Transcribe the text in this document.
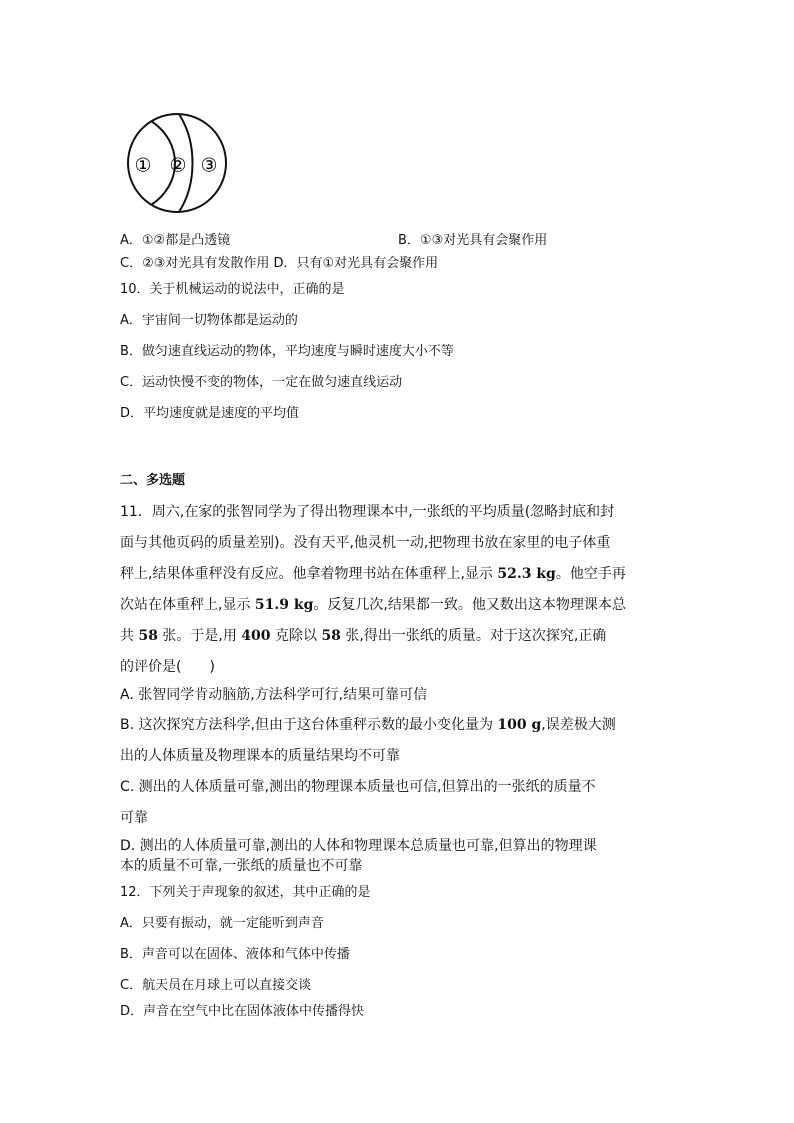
① ② ③
A．①②都是凸透镜	B．①③对光具有会聚作用
C．②③对光具有发散作用 D．只有①对光具有会聚作用
10．关于机械运动的说法中，正确的是
A．宇宙间一切物体都是运动的
B．做匀速直线运动的物体，平均速度与瞬时速度大小不等
C．运动快慢不变的物体，一定在做匀速直线运动
D．平均速度就是速度的平均值
二、多选题
11．周六,在家的张智同学为了得出物理课本中,一张纸的平均质量(忽略封底和封
面与其他页码的质量差别)。没有天平,他灵机一动,把物理书放在家里的电子体重
秤上,结果体重秤没有反应。他拿着物理书站在体重秤上,显示 52.3 kg。他空手再
次站在体重秤上,显示 51.9 kg。反复几次,结果都一致。他又数出这本物理课本总
共 58 张。于是,用 400 克除以 58 张,得出一张纸的质量。对于这次探究,正确
的评价是(　　)
A. 张智同学肯动脑筋,方法科学可行,结果可靠可信
B. 这次探究方法科学,但由于这台体重秤示数的最小变化量为 100 g,误差极大测
出的人体质量及物理课本的质量结果均不可靠
C. 测出的人体质量可靠,测出的物理课本质量也可信,但算出的一张纸的质量不
可靠
D. 测出的人体质量可靠,测出的人体和物理课本总质量也可靠,但算出的物理课
本的质量不可靠,一张纸的质量也不可靠
12．下列关于声现象的叙述，其中正确的是
A．只要有振动，就一定能听到声音
B．声音可以在固体、液体和气体中传播
C．航天员在月球上可以直接交谈
D．声音在空气中比在固体液体中传播得快
